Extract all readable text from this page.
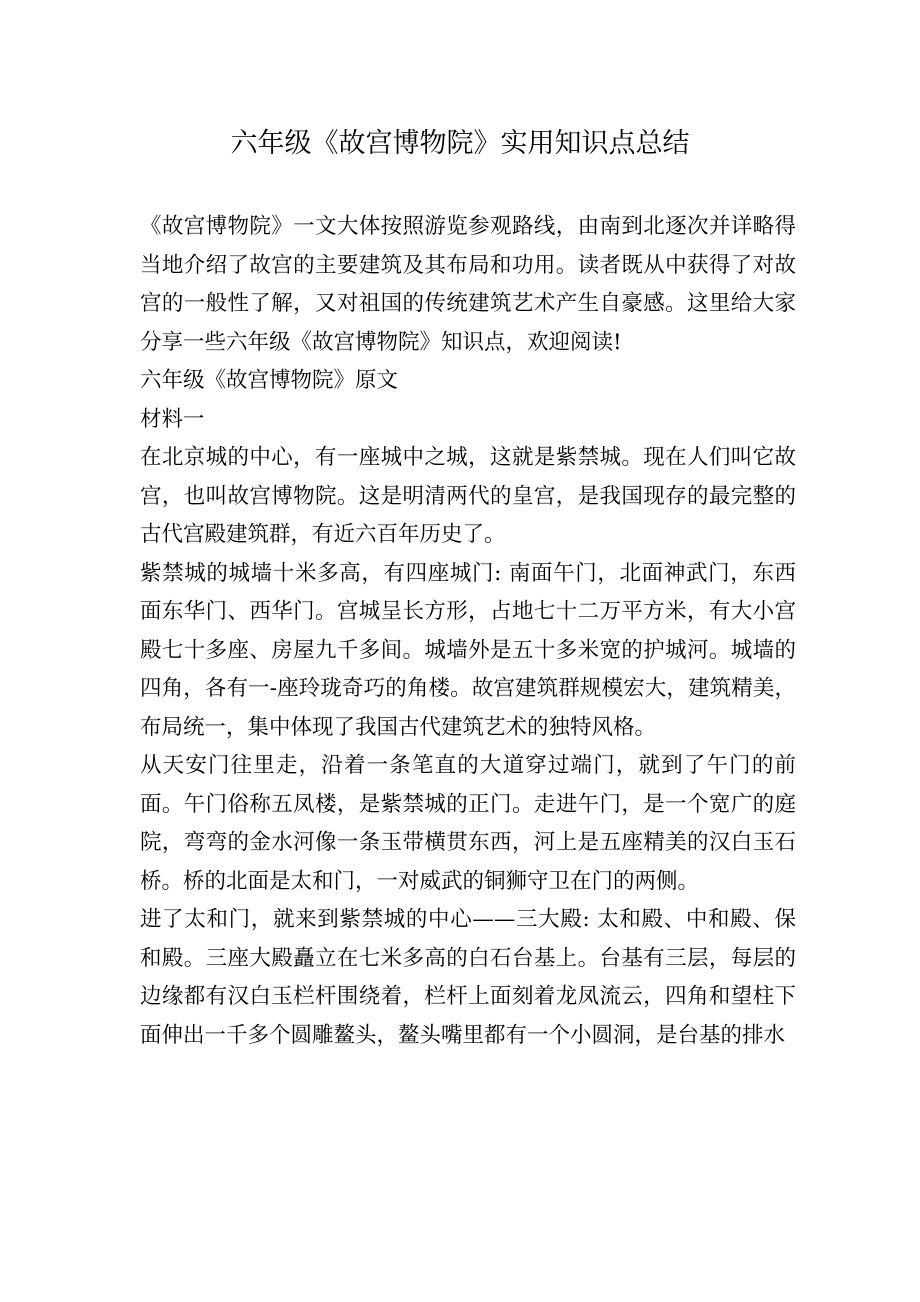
六年级《故宫博物院》实用知识点总结

《故宫博物院》一文大体按照游览参观路线，由南到北逐次并详略得当地介绍了故宫的主要建筑及其布局和功用。读者既从中获得了对故宫的一般性了解，又对祖国的传统建筑艺术产生自豪感。这里给大家分享一些六年级《故宫博物院》知识点，欢迎阅读!

六年级《故宫博物院》原文

材料一

在北京城的中心，有一座城中之城，这就是紫禁城。现在人们叫它故宫，也叫故宫博物院。这是明清两代的皇宫，是我国现存的最完整的古代宫殿建筑群，有近六百年历史了。

紫禁城的城墙十米多高，有四座城门: 南面午门，北面神武门，东西面东华门、西华门。宫城呈长方形，占地七十二万平方米，有大小宫殿七十多座、房屋九千多间。城墙外是五十多米宽的护城河。城墙的四角，各有一-座玲珑奇巧的角楼。故宫建筑群规模宏大，建筑精美，布局统一，集中体现了我国古代建筑艺术的独特风格。

从天安门往里走，沿着一条笔直的大道穿过端门，就到了午门的前面。午门俗称五凤楼，是紫禁城的正门。走进午门，是一个宽广的庭院，弯弯的金水河像一条玉带横贯东西，河上是五座精美的汉白玉石桥。桥的北面是太和门，一对威武的铜狮守卫在门的两侧。

进了太和门，就来到紫禁城的中心——三大殿: 太和殿、中和殿、保和殿。三座大殿矗立在七米多高的白石台基上。台基有三层，每层的边缘都有汉白玉栏杆围绕着，栏杆上面刻着龙凤流云，四角和望柱下面伸出一千多个圆雕鳌头，鳌头嘴里都有一个小圆洞，是台基的排水
